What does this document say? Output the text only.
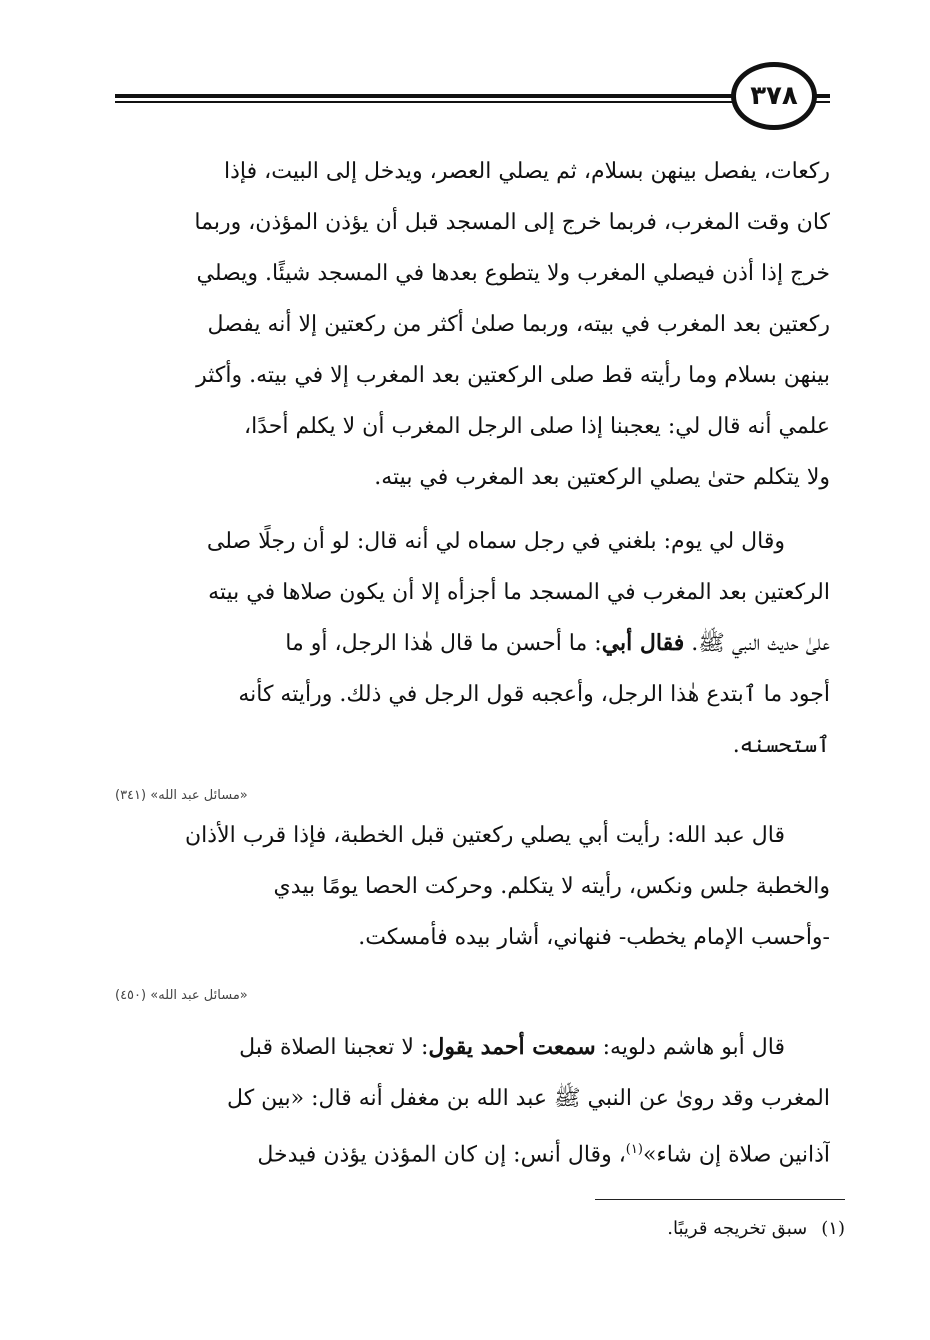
٣٧٨

ركعات، يفصل بينهن بسلام، ثم يصلي العصر، ويدخل إلى البيت، فإذا

كان وقت المغرب، فربما خرج إلى المسجد قبل أن يؤذن المؤذن، وربما

خرج إذا أذن فيصلي المغرب ولا يتطوع بعدها في المسجد شيئًا. ويصلي

ركعتين بعد المغرب في بيته، وربما صلىٰ أكثر من ركعتين إلا أنه يفصل

بينهن بسلام وما رأيته قط صلى الركعتين بعد المغرب إلا في بيته. وأكثر

علمي أنه قال لي: يعجبنا إذا صلى الرجل المغرب أن لا يكلم أحدًا،

ولا يتكلم حتىٰ يصلي الركعتين بعد المغرب في بيته.

وقال لي يوم: بلغني في رجل سماه لي أنه قال: لو أن رجلًا صلى

الركعتين بعد المغرب في المسجد ما أجزأه إلا أن يكون صلاها في بيته

علىٰ حديث النبي ﷺ. فقال أبي: ما أحسن ما قال هٰذا الرجل، أو ما

أجود ما ٱبتدع هٰذا الرجل، وأعجبه قول الرجل في ذلك. ورأيته كأنه

ٱستحسنه.

«مسائل عبد الله» (٣٤١)

قال عبد الله: رأيت أبي يصلي ركعتين قبل الخطبة، فإذا قرب الأذان

والخطبة جلس ونكس، رأيته لا يتكلم. وحركت الحصا يومًا بيدي

-وأحسب الإمام يخطب- فنهاني، أشار بيده فأمسكت.

«مسائل عبد الله» (٤٥٠)

قال أبو هاشم دلويه: سمعت أحمد يقول: لا تعجبنا الصلاة قبل

المغرب وقد روىٰ عن النبي ﷺ عبد الله بن مغفل أنه قال: «بين كل

آذانين صلاة إن شاء»$^{(١)}$، وقال أنس: إن كان المؤذن يؤذن فيدخل

(١)سبق تخريجه قريبًا.
